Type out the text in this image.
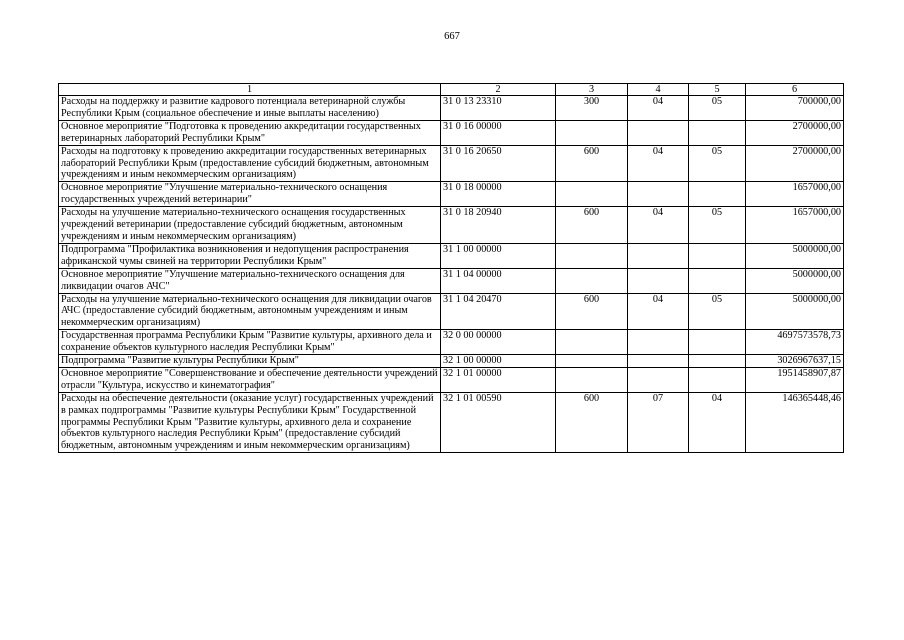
667
1	2	3	4	5	6
Расходы на поддержку и развитие кадрового потенциала ветеринарной службы Республики Крым (социальное обеспечение и иные выплаты населению)	31 0 13 23310	300	04	05	700000,00
Основное мероприятие "Подготовка к проведению аккредитации государственных ветеринарных лабораторий Республики Крым"	31 0 16 00000				2700000,00
Расходы на подготовку к проведению аккредитации государственных ветеринарных лабораторий Республики Крым (предоставление субсидий бюджетным, автономным учреждениям и иным некоммерческим организациям)	31 0 16 20650	600	04	05	2700000,00
Основное мероприятие "Улучшение материально-технического оснащения государственных учреждений ветеринарии"	31 0 18 00000				1657000,00
Расходы на улучшение материально-технического оснащения государственных учреждений ветеринарии (предоставление субсидий бюджетным, автономным учреждениям и иным некоммерческим организациям)	31 0 18 20940	600	04	05	1657000,00
Подпрограмма "Профилактика возникновения и недопущения распространения африканской чумы свиней на территории Республики Крым"	31 1 00 00000				5000000,00
Основное мероприятие "Улучшение материально-технического оснащения для ликвидации очагов АЧС"	31 1 04 00000				5000000,00
Расходы на улучшение материально-технического оснащения для ликвидации очагов АЧС (предоставление субсидий бюджетным, автономным учреждениям и иным некоммерческим организациям)	31 1 04 20470	600	04	05	5000000,00
Государственная программа Республики Крым "Развитие культуры, архивного дела и сохранение объектов культурного наследия Республики Крым"	32 0 00 00000				4697573578,73
Подпрограмма "Развитие культуры Республики Крым"	32 1 00 00000				3026967637,15
Основное мероприятие "Совершенствование и обеспечение деятельности учреждений отрасли "Культура, искусство и кинематография"	32 1 01 00000				1951458907,87
Расходы на обеспечение деятельности (оказание услуг) государственных учреждений в рамках подпрограммы "Развитие культуры Республики Крым" Государственной программы Республики Крым "Развитие культуры, архивного дела и сохранение объектов культурного наследия Республики Крым" (предоставление субсидий бюджетным, автономным учреждениям и иным некоммерческим организациям)	32 1 01 00590	600	07	04	146365448,46
